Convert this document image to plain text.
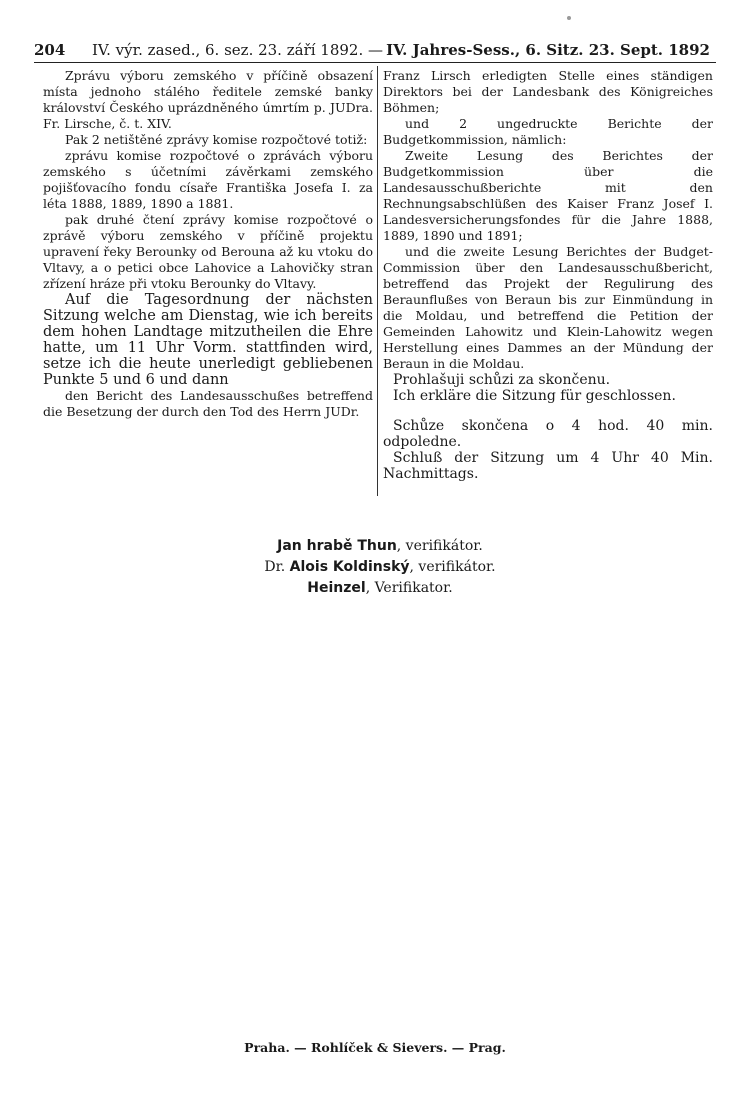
204 IV. výr. zased., 6. sez. 23. září 1892. — IV. Jahres-Sess., 6. Sitz. 23. Sept. 1892

Zprávu výboru zemského v příčině obsazení místa jednoho stálého ředitele zemské banky království Českého uprázdněného úmrtím p. JUDra. Fr. Lirsche, č. t. XIV.

Pak 2 netištěné zprávy komise rozpočtové totiž:

zprávu komise rozpočtové o zprávách výboru zemského s účetními závěrkami zemského pojišťovacího fondu císaře Františka Josefa I. za léta 1888, 1889, 1890 a 1881.

pak druhé čtení zprávy komise rozpočtové o zprávě výboru zemského v příčině projektu upravení řeky Berounky od Berouna až ku vtoku do Vltavy, a o petici obce Lahovice a Lahovičky stran zřízení hráze při vtoku Berounky do Vltavy.

Auf die Tagesordnung der nächsten Sitzung welche am Dienstag, wie ich bereits dem hohen Landtage mitzutheilen die Ehre hatte, um 11 Uhr Vorm. stattfinden wird, setze ich die heute unerledigt gebliebenen Punkte 5 und 6 und dann

den Bericht des Landesausschußes betreffend die Besetzung der durch den Tod des Herrn JUDr.

Franz Lirsch erledigten Stelle eines ständigen Direktors bei der Landesbank des Königreiches Böhmen;

und 2 ungedruckte Berichte der Budgetkommission, nämlich:

Zweite Lesung des Berichtes der Budgetkommission über die Landesausschußberichte mit den Rechnungsabschlüßen des Kaiser Franz Josef I. Landesversicherungsfondes für die Jahre 1888, 1889, 1890 und 1891;

und die zweite Lesung Berichtes der Budget-Commission über den Landesausschußbericht, betreffend das Projekt der Regulirung des Beraunflußes von Beraun bis zur Einmündung in die Moldau, und betreffend die Petition der Gemeinden Lahowitz und Klein-Lahowitz wegen Herstellung eines Dammes an der Mündung der Beraun in die Moldau.

Prohlašuji schůzi za skončenu.

Ich erkläre die Sitzung für geschlossen.

Schůze skončena o 4 hod. 40 min. odpoledne.

Schluß der Sitzung um 4 Uhr 40 Min. Nachmittags.

Jan hrabě Thun, verifikátor.
Dr. Alois Koldinský, verifikátor.
Heinzel, Verifikator.
Praha. — Rohlíček & Sievers. — Prag.
